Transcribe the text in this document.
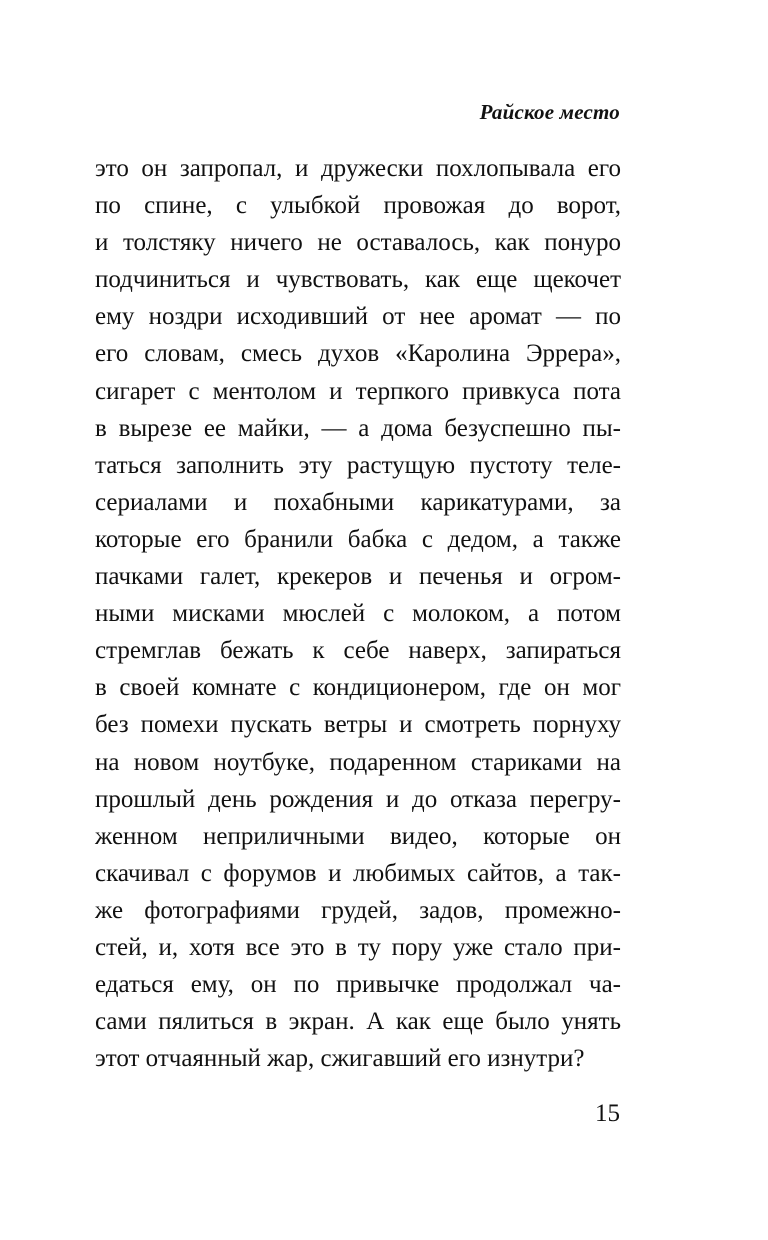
Райское место
это он запропал, и дружески похлопывала его
по спине, с улыбкой провожая до ворот,
и толстяку ничего не оставалось, как понуро
подчиниться и чувствовать, как еще щекочет
ему ноздри исходивший от нее аромат — по
его словам, смесь духов «Каролина Эррера»,
сигарет с ментолом и терпкого привкуса пота
в вырезе ее майки, — а дома безуспешно пы-
таться заполнить эту растущую пустоту теле-
сериалами и похабными карикатурами, за
которые его бранили бабка с дедом, а также
пачками галет, крекеров и печенья и огром-
ными мисками мюслей с молоком, а потом
стремглав бежать к себе наверх, запираться
в своей комнате с кондиционером, где он мог
без помехи пускать ветры и смотреть порнуху
на новом ноутбуке, подаренном стариками на
прошлый день рождения и до отказа перегру-
женном неприличными видео, которые он
скачивал с форумов и любимых сайтов, а так-
же фотографиями грудей, задов, промежно-
стей, и, хотя все это в ту пору уже стало при-
едаться ему, он по привычке продолжал ча-
сами пялиться в экран. А как еще было унять
этот отчаянный жар, сжигавший его изнутри?
15
